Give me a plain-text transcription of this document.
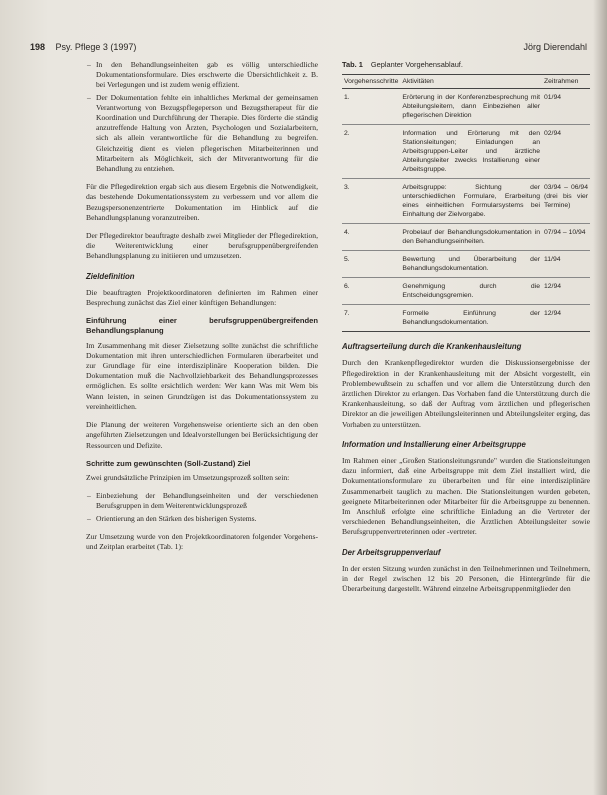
198 Psy. Pflege 3 (1997)	Jörg Dierendahl
– In den Behandlungseinheiten gab es völlig unterschiedliche Dokumentationsformulare. Dies erschwerte die Übersichtlichkeit z. B. bei Verlegungen und ist zudem wenig effizient.
– Der Dokumentation fehlte ein inhaltliches Merkmal der gemeinsamen Verantwortung von Bezugspflegeperson und Bezugstherapeut für die Koordination und Durchführung der Therapie. Dies förderte die ständig anzutreffende Haltung von Ärzten, Psychologen und Sozialarbeitern, sich als allein verantwortliche für die Behandlung zu begreifen. Gleichzeitig dient es vielen pflegerischen Mitarbeiterinnen und Mitarbeitern als Möglichkeit, sich der Mitverantwortung für die Behandlung zu entziehen.

Für die Pflegedirektion ergab sich aus diesem Ergebnis die Notwendigkeit, das bestehende Dokumentationssystem zu verbessern und vor allem die Bezugspersonenzentrierte Dokumentation im Hinblick auf die Behandlungsplanung voranzutreiben.

Der Pflegedirektor beauftragte deshalb zwei Mitglieder der Pflegedirektion, die Weiterentwicklung einer berufsgruppenübergreifenden Behandlungsplanung zu initiieren und umzusetzen.

Zieldefinition

Die beauftragten Projektkoordinatoren definierten im Rahmen einer Besprechung zunächst das Ziel einer künftigen Behandlungen:

Einführung einer berufsgruppenübergreifenden Behandlungsplanung

Im Zusammenhang mit dieser Zielsetzung sollte zunächst die schriftliche Dokumentation mit ihren unterschiedlichen Formularen überarbeitet und zur Grundlage für eine interdisziplinäre Kooperation bilden. Die Dokumentation muß die Nachvollziehbarkeit des Behandlungsprozesses ermöglichen. Es sollte ersichtlich werden: Wer kann Was mit Wem bis Wann leisten, in seinen Grundzügen ist das Dokumentationssystem zu vereinheitlichen.

Die Planung der weiteren Vorgehensweise orientierte sich an den oben angeführten Zielsetzungen und Idealvorstellungen bei Berücksichtigung der Ressourcen und Defizite.

Schritte zum gewünschten (Soll-Zustand) Ziel

Zwei grundsätzliche Prinzipien im Umsetzungsprozeß sollten sein:

– Einbeziehung der Behandlungseinheiten und der verschiedenen Berufsgruppen in dem Weiterentwicklungsprozeß
– Orientierung an den Stärken des bisherigen Systems.

Zur Umsetzung wurde von den Projektkoordinatoren folgender Vorgehens- und Zeitplan erarbeitet (Tab. 1):

Tab. 1 Geplanter Vorgehensablauf.
Vorgehensschritte	Aktivitäten	Zeitrahmen
1.	Erörterung in der Konferenzbesprechung mit Abteilungsleitern, dann Einbeziehen aller pflegerischen Direktion	01/94
2.	Information und Erörterung mit den Stationsleitungen; Einladungen an Arbeitsgruppen-Leiter und ärztliche Abteilungsleiter zwecks Installierung einer Arbeitsgruppe.	02/94
3.	Arbeitsgruppe: Sichtung der unterschiedlichen Formulare, Erarbeitung eines einheitlichen Formularsystems bei Einhaltung der Zielvorgabe.	03/94 – 06/94 (drei bis vier Termine)
4.	Probelauf der Behandlungsdokumentation in den Behandlungseinheiten.	07/94 – 10/94
5.	Bewertung und Überarbeitung der Behandlungsdokumentation.	11/94
6.	Genehmigung durch die Entscheidungsgremien.	12/94
7.	Formelle Einführung der Behandlungsdokumentation.	12/94
Auftragserteilung durch die Krankenhausleitung

Durch den Krankenpflegedirektor wurden die Diskussionsergebnisse der Pflegedirektion in der Krankenhausleitung mit der Absicht vorgestellt, ein Problembewußtsein zu schaffen und vor allem die Unterstützung durch den ärztlichen Direktor zu erlangen. Das Vorhaben fand die Unterstützung durch die Krankenhausleitung, so daß der Auftrag vom ärztlichen und pflegerischen Direktor an die jeweiligen Abteilungsleiterinnen und Abteilungsleiter erging, das Vorhaben zu unterstützen.

Information und Installierung einer Arbeitsgruppe

Im Rahmen einer „Großen Stationsleitungsrunde" wurden die Stationsleitungen dazu informiert, daß eine Arbeitsgruppe mit dem Ziel installiert wird, die Dokumentationsformulare zu überarbeiten und für eine interdisziplinäre Zusammenarbeit tauglich zu machen. Die Stationsleitungen wurden gebeten, geeignete Mitarbeiterinnen oder Mitarbeiter für die Arbeitsgruppe zu benennen. Im Anschluß erfolgte eine schriftliche Einladung an die Vertreter der verschiedenen Behandlungseinheiten, die Ärztlichen Abteilungsleiter sowie Berufsgruppenvertreterinnen oder -vertreter.

Der Arbeitsgruppenverlauf

In der ersten Sitzung wurden zunächst in den Teilnehmerinnen und Teilnehmern, in der Regel zwischen 12 bis 20 Personen, die Hintergründe für die Überarbeitung dargestellt. Während einzelne Arbeitsgruppenmitglieder den
